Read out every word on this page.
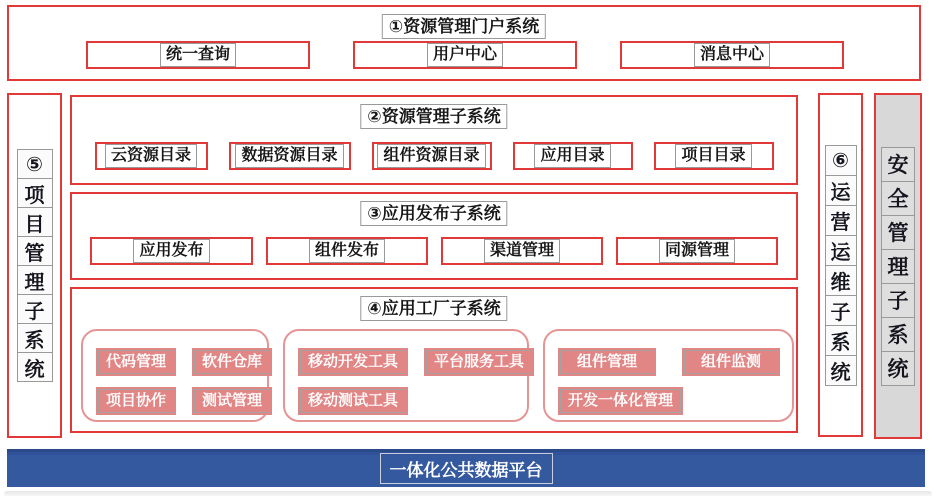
①资源管理门户系统
统一查询	用户中心	消息中心
⑤
项
目
管
理
子
系
统
②资源管理子系统
云资源目录	数据资源目录	组件资源目录	应用目录	项目目录
③应用发布子系统
应用发布	组件发布	渠道管理	同源管理
④应用工厂子系统
代码管理	软件仓库
项目协作	测试管理
移动开发工具	平台服务工具
移动测试工具
组件管理	组件监测
开发一体化管理
⑥
运
营
运
维
子
系
统
安
全
管
理
子
系
统
一体化公共数据平台
